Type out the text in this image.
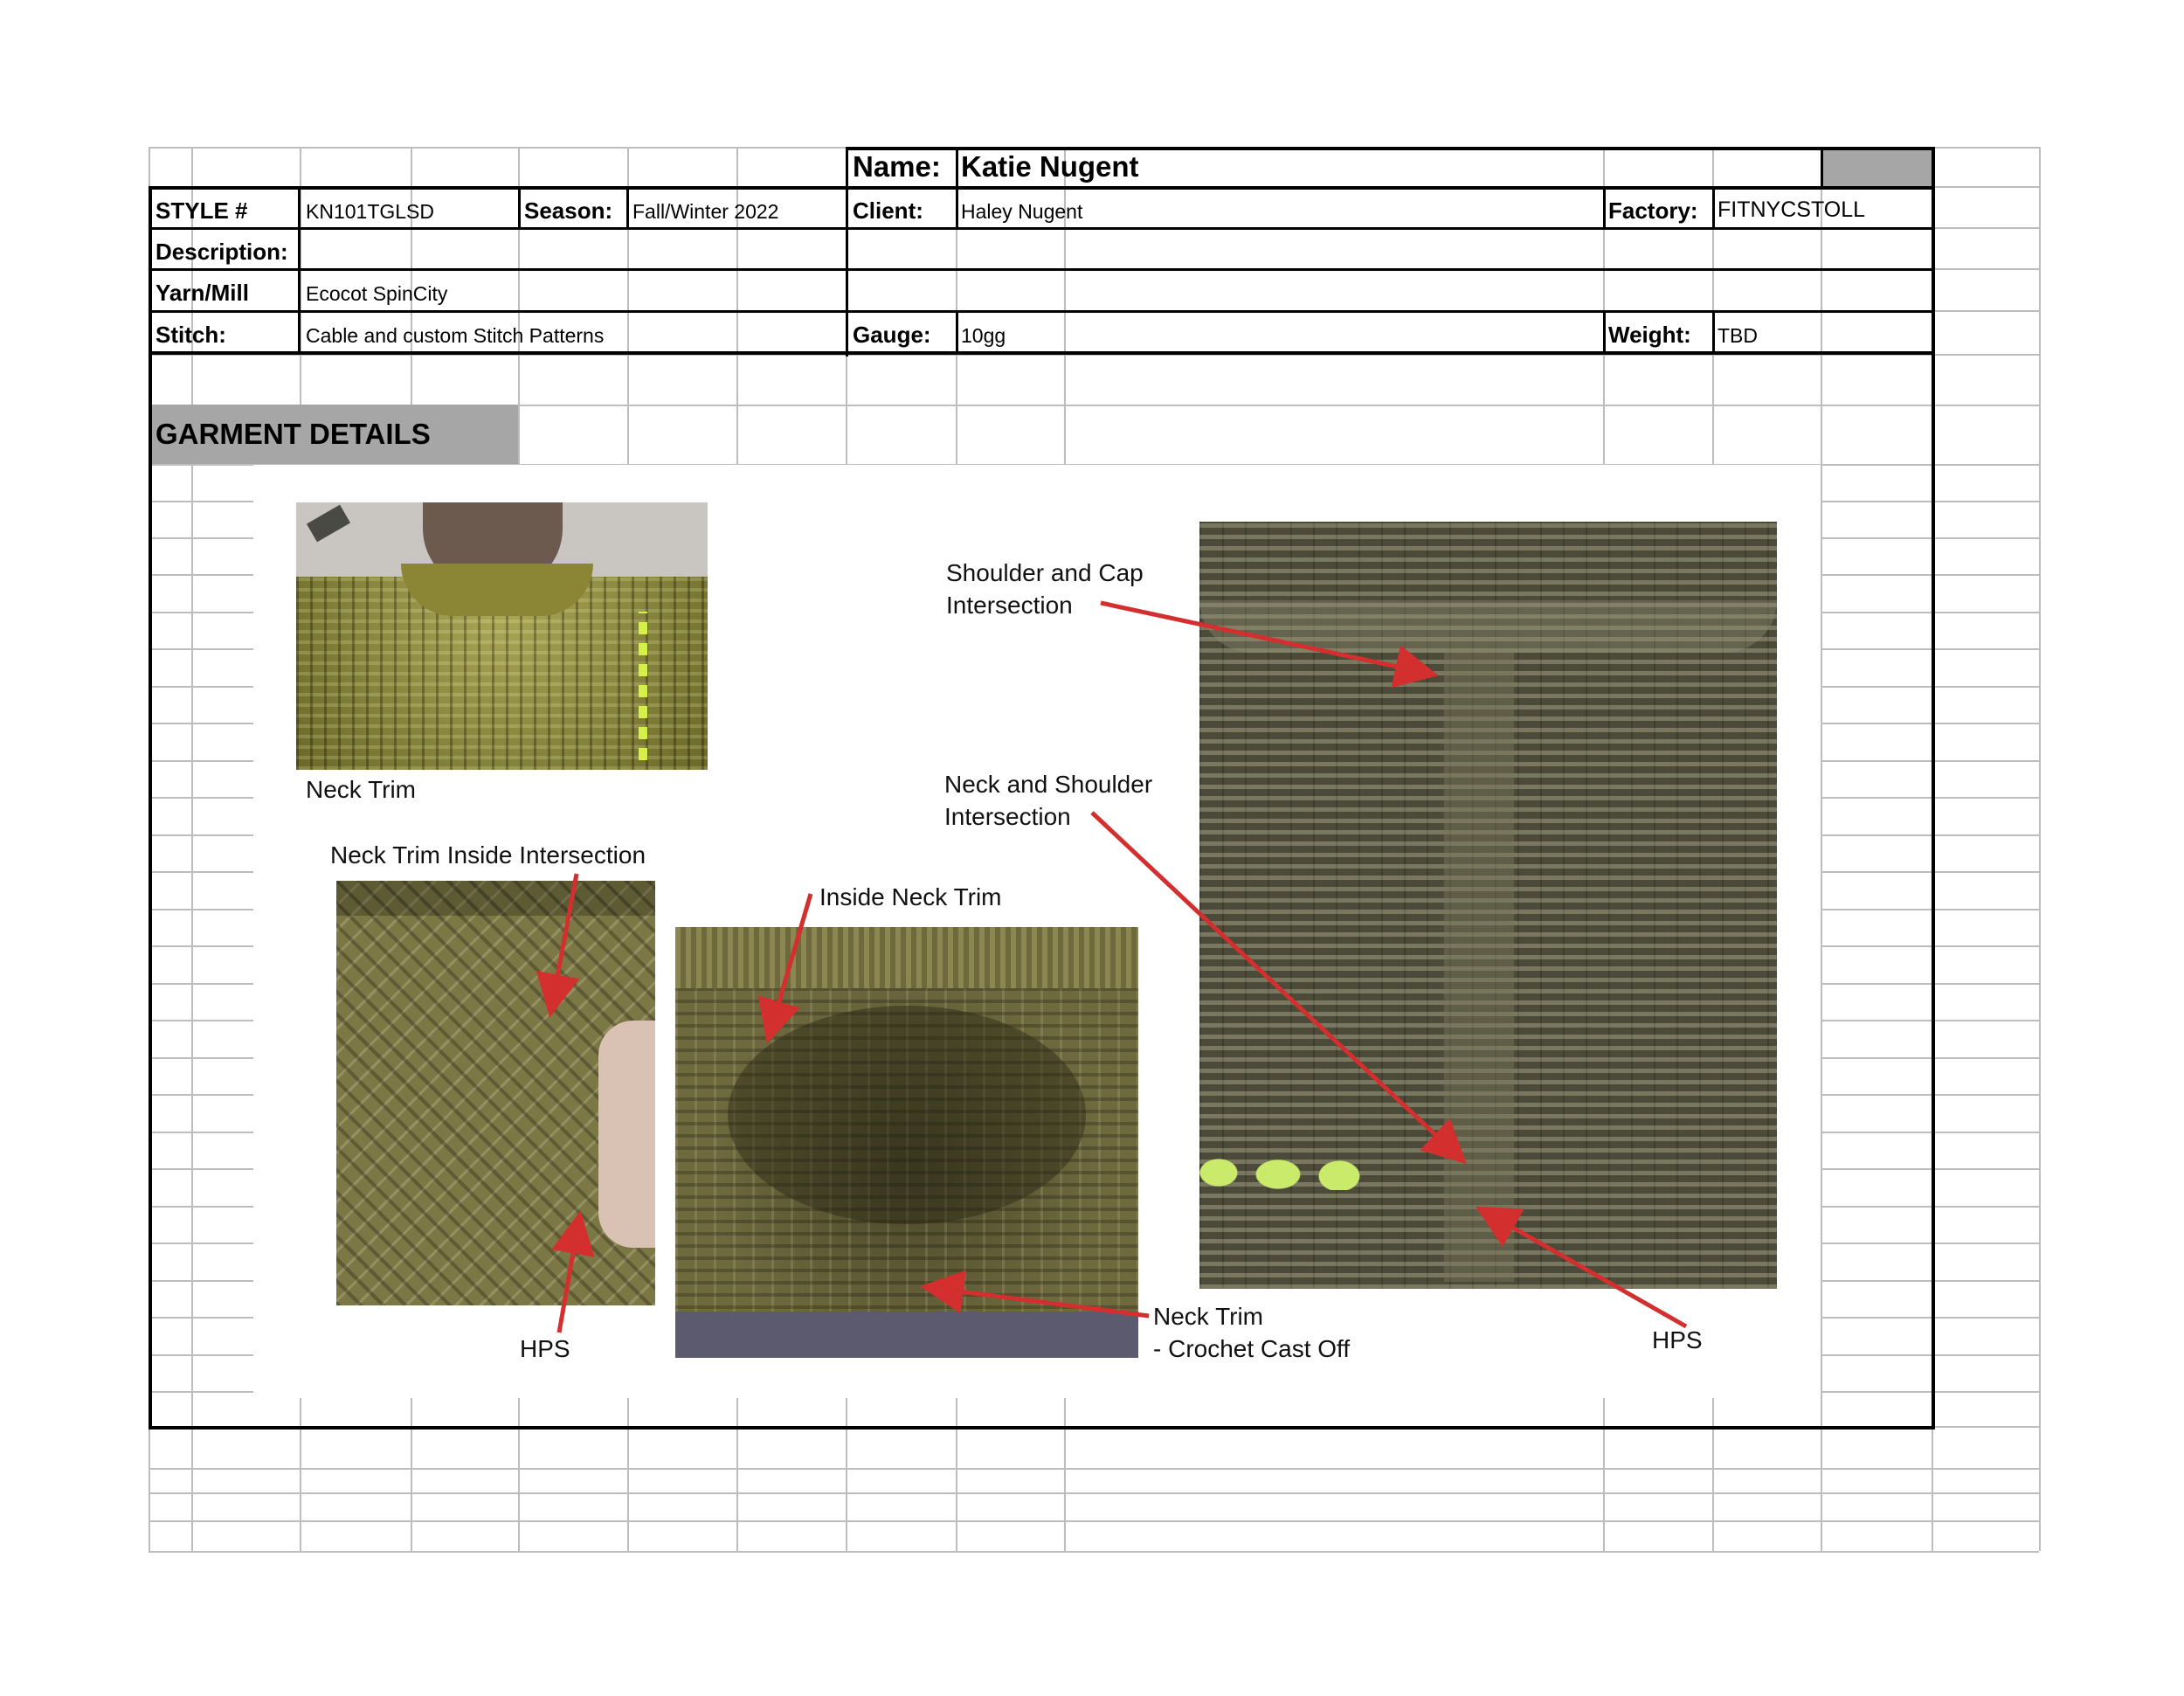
Name: Katie Nugent
STYLE #	KN101TGLSD	Season: Fall/Winter 2022	Client: Haley Nugent	Factory: FITNYCSTOLL
Description:
Yarn/Mill	Ecocot SpinCity
Stitch:	Cable and custom Stitch Patterns	Gauge: 10gg	Weight: TBD
GARMENT DETAILS
Neck Trim
Neck Trim Inside Intersection
HPS
Inside Neck Trim
Neck Trim
- Crochet Cast Off
Shoulder and Cap
Intersection
Neck and Shoulder
Intersection
HPS
